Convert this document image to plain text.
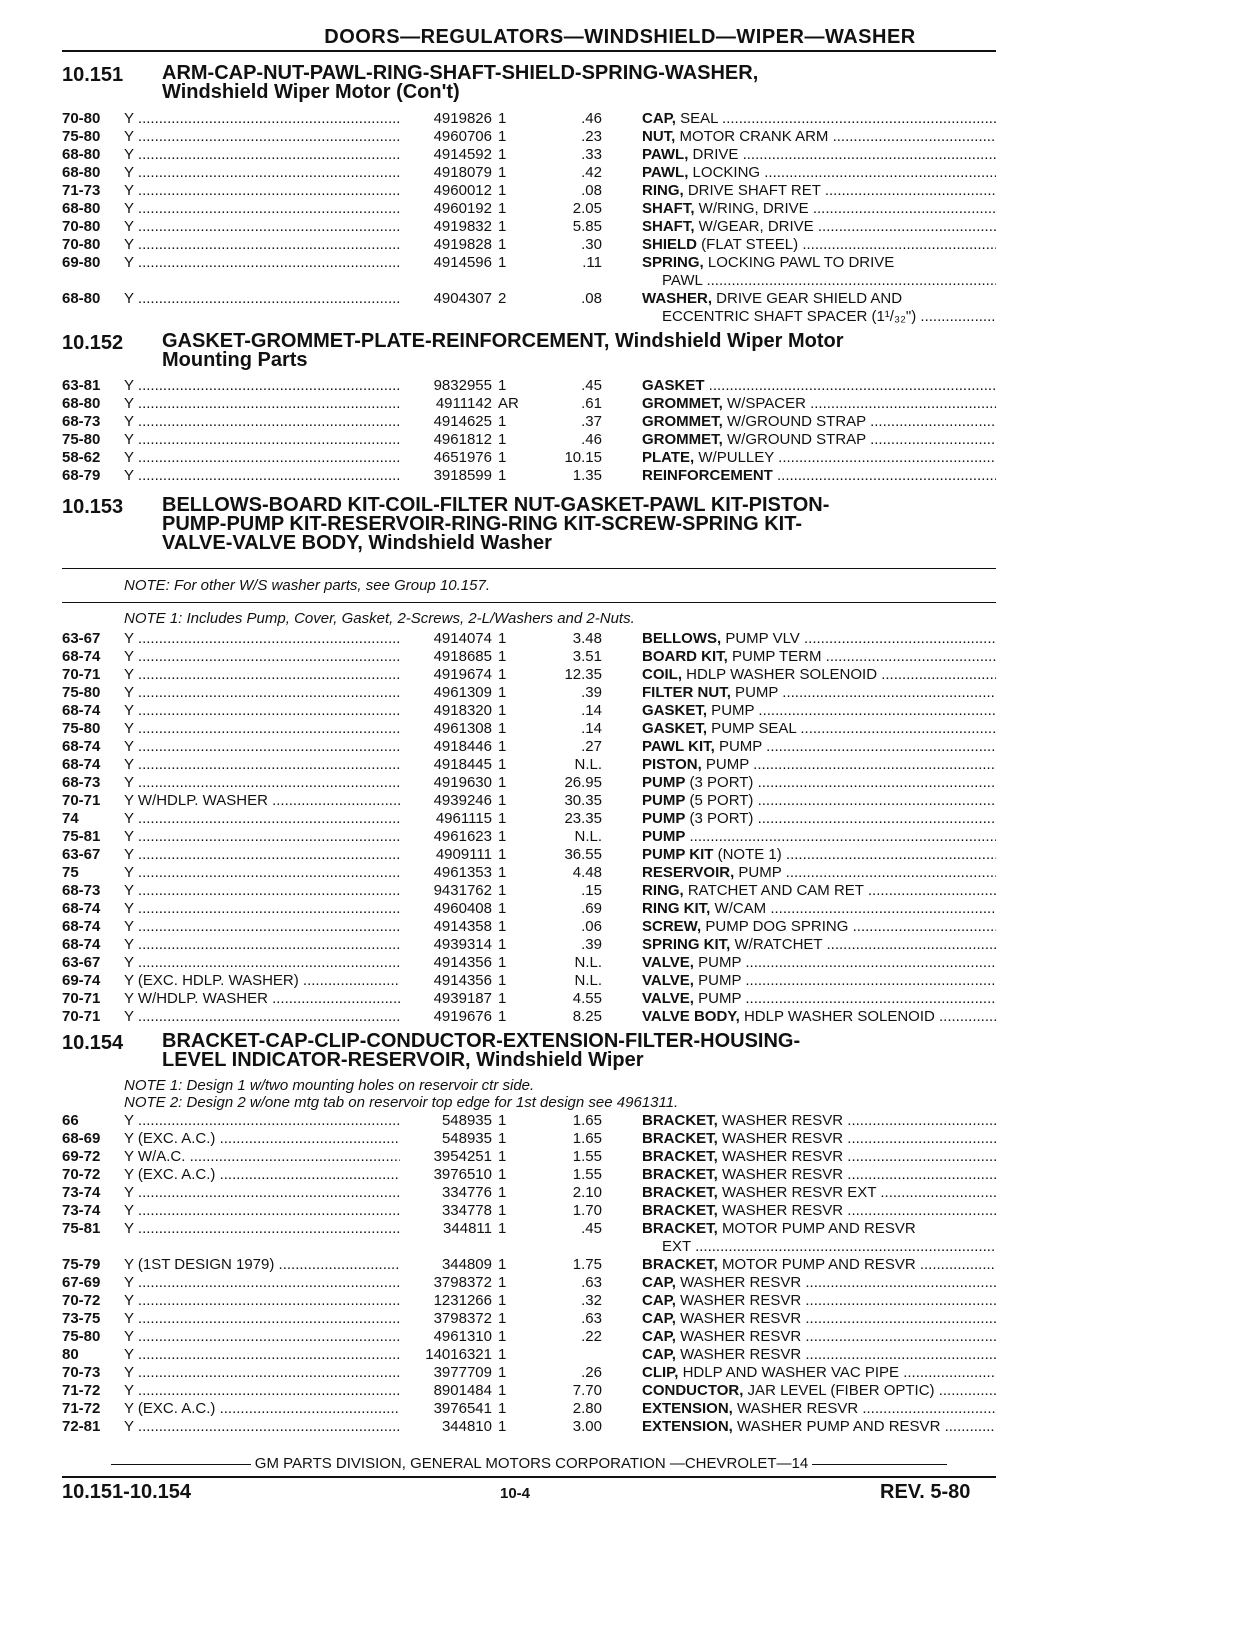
DOORS—REGULATORS—WINDSHIELD—WIPER—WASHER
10.151 ARM-CAP-NUT-PAWL-RING-SHAFT-SHIELD-SPRING-WASHER,
Windshield Wiper Motor (Con't)
70-80	Y .....	4919826 1	.46	CAP, SEAL .....
75-80	Y .....	4960706 1	.23	NUT, MOTOR CRANK ARM .....
68-80	Y .....	4914592 1	.33	PAWL, DRIVE .....
68-80	Y .....	4918079 1	.42	PAWL, LOCKING .....
71-73	Y .....	4960012 1	.08	RING, DRIVE SHAFT RET .....
68-80	Y .....	4960192 1	2.05	SHAFT, W/RING, DRIVE .....
70-80	Y .....	4919832 1	5.85	SHAFT, W/GEAR, DRIVE .....
70-80	Y .....	4919828 1	.30	SHIELD (FLAT STEEL) .....
69-80	Y .....	4914596 1	.11	SPRING, LOCKING PAWL TO DRIVE
PAWL .....
68-80	Y .....	4904307 2	.08	WASHER, DRIVE GEAR SHIELD AND
ECCENTRIC SHAFT SPACER (1¹/₃₂") .....
10.152 GASKET-GROMMET-PLATE-REINFORCEMENT, Windshield Wiper Motor
Mounting Parts
63-81	Y .....	9832955 1	.45	GASKET .....
68-80	Y .....	4911142 AR	.61	GROMMET, W/SPACER .....
68-73	Y .....	4914625 1	.37	GROMMET, W/GROUND STRAP .....
75-80	Y .....	4961812 1	.46	GROMMET, W/GROUND STRAP .....
58-62	Y .....	4651976 1	10.15	PLATE, W/PULLEY .....
68-79	Y .....	3918599 1	1.35	REINFORCEMENT .....
10.153 BELLOWS-BOARD KIT-COIL-FILTER NUT-GASKET-PAWL KIT-PISTON-
PUMP-PUMP KIT-RESERVOIR-RING-RING KIT-SCREW-SPRING KIT-
VALVE-VALVE BODY, Windshield Washer
NOTE: For other W/S washer parts, see Group 10.157.
NOTE 1: Includes Pump, Cover, Gasket, 2-Screws, 2-L/Washers and 2-Nuts.
63-67	Y .....	4914074 1	3.48	BELLOWS, PUMP VLV .....
68-74	Y .....	4918685 1	3.51	BOARD KIT, PUMP TERM .....
70-71	Y .....	4919674 1	12.35	COIL, HDLP WASHER SOLENOID .....
75-80	Y .....	4961309 1	.39	FILTER NUT, PUMP .....
68-74	Y .....	4918320 1	.14	GASKET, PUMP .....
75-80	Y .....	4961308 1	.14	GASKET, PUMP SEAL .....
68-74	Y .....	4918446 1	.27	PAWL KIT, PUMP .....
68-74	Y .....	4918445 1	N.L.	PISTON, PUMP .....
68-73	Y .....	4919630 1	26.95	PUMP (3 PORT) .....
70-71	Y W/HDLP. WASHER .....	4939246 1	30.35	PUMP (5 PORT) .....
74	Y .....	4961115 1	23.35	PUMP (3 PORT) .....
75-81	Y .....	4961623 1	N.L.	PUMP .....
63-67	Y .....	4909111 1	36.55	PUMP KIT (NOTE 1) .....
75	Y .....	4961353 1	4.48	RESERVOIR, PUMP .....
68-73	Y .....	9431762 1	.15	RING, RATCHET AND CAM RET .....
68-74	Y .....	4960408 1	.69	RING KIT, W/CAM .....
68-74	Y .....	4914358 1	.06	SCREW, PUMP DOG SPRING .....
68-74	Y .....	4939314 1	.39	SPRING KIT, W/RATCHET .....
63-67	Y .....	4914356 1	N.L.	VALVE, PUMP .....
69-74	Y (EXC. HDLP. WASHER) .....	4914356 1	N.L.	VALVE, PUMP .....
70-71	Y W/HDLP. WASHER .....	4939187 1	4.55	VALVE, PUMP .....
70-71	Y .....	4919676 1	8.25	VALVE BODY, HDLP WASHER SOLENOID .....
10.154 BRACKET-CAP-CLIP-CONDUCTOR-EXTENSION-FILTER-HOUSING-
LEVEL INDICATOR-RESERVOIR, Windshield Wiper
NOTE 1: Design 1 w/two mounting holes on reservoir ctr side.
NOTE 2: Design 2 w/one mtg tab on reservoir top edge for 1st design see 4961311.
66	Y .....	548935 1	1.65	BRACKET, WASHER RESVR .....
68-69	Y (EXC. A.C.) .....	548935 1	1.65	BRACKET, WASHER RESVR .....
69-72	Y W/A.C. .....	3954251 1	1.55	BRACKET, WASHER RESVR .....
70-72	Y (EXC. A.C.) .....	3976510 1	1.55	BRACKET, WASHER RESVR .....
73-74	Y .....	334776 1	2.10	BRACKET, WASHER RESVR EXT .....
73-74	Y .....	334778 1	1.70	BRACKET, WASHER RESVR .....
75-81	Y .....	344811 1	.45	BRACKET, MOTOR PUMP AND RESVR
EXT .....
75-79	Y (1ST DESIGN 1979) .....	344809 1	1.75	BRACKET, MOTOR PUMP AND RESVR .....
67-69	Y .....	3798372 1	.63	CAP, WASHER RESVR .....
70-72	Y .....	1231266 1	.32	CAP, WASHER RESVR .....
73-75	Y .....	3798372 1	.63	CAP, WASHER RESVR .....
75-80	Y .....	4961310 1	.22	CAP, WASHER RESVR .....
80	Y .....	14016321 1	CAP, WASHER RESVR .....
70-73	Y .....	3977709 1	.26	CLIP, HDLP AND WASHER VAC PIPE .....
71-72	Y .....	8901484 1	7.70	CONDUCTOR, JAR LEVEL (FIBER OPTIC) .....
71-72	Y (EXC. A.C.) .....	3976541 1	2.80	EXTENSION, WASHER RESVR .....
72-81	Y .....	344810 1	3.00	EXTENSION, WASHER PUMP AND RESVR .....
GM PARTS DIVISION, GENERAL MOTORS CORPORATION —CHEVROLET—14
10.151-10.154	10-4	REV. 5-80
